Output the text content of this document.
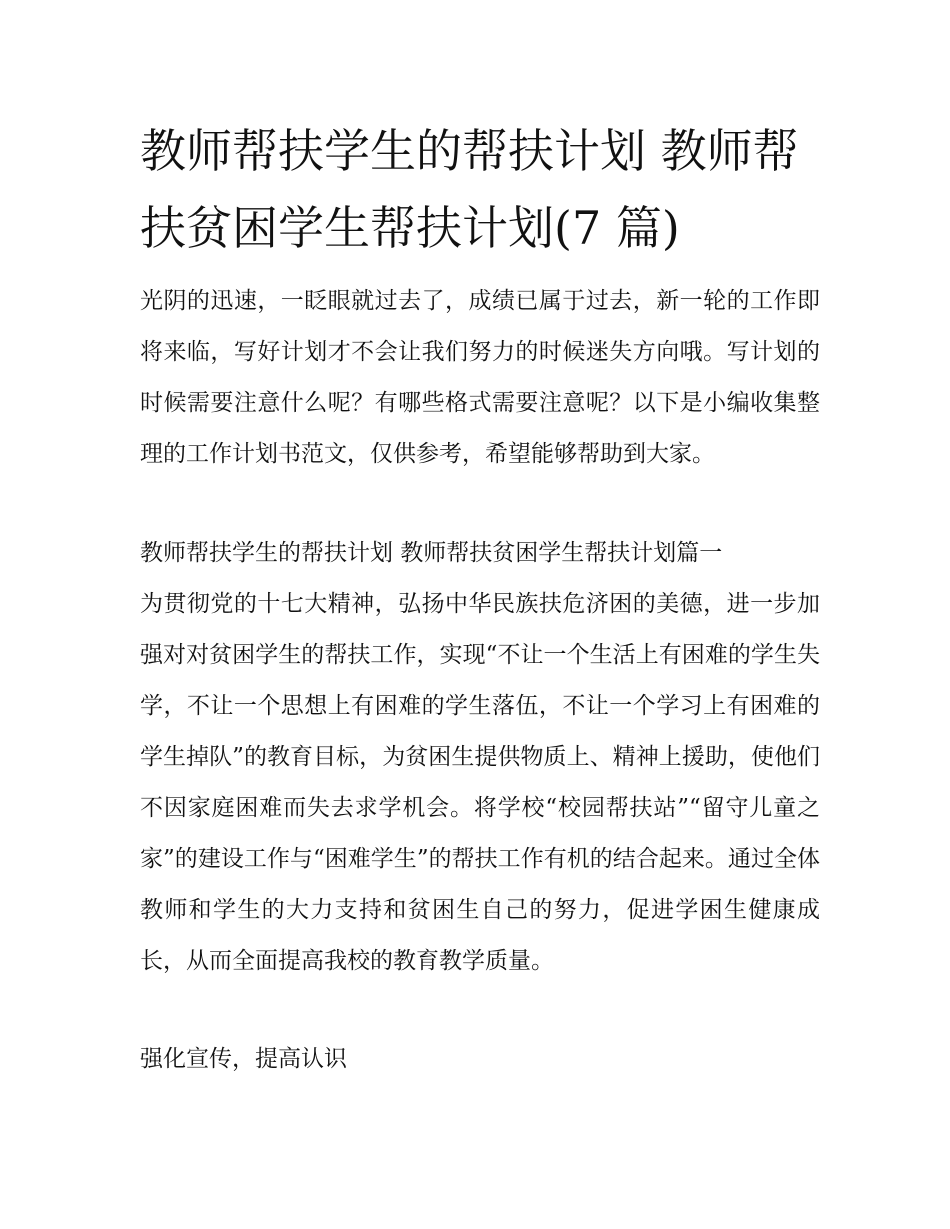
教师帮扶学生的帮扶计划 教师帮扶贫困学生帮扶计划(7 篇)

光阴的迅速，一眨眼就过去了，成绩已属于过去，新一轮的工作即将来临，写好计划才不会让我们努力的时候迷失方向哦。写计划的时候需要注意什么呢？有哪些格式需要注意呢？以下是小编收集整理的工作计划书范文，仅供参考，希望能够帮助到大家。

教师帮扶学生的帮扶计划 教师帮扶贫困学生帮扶计划篇一

为贯彻党的十七大精神，弘扬中华民族扶危济困的美德，进一步加强对对贫困学生的帮扶工作，实现“不让一个生活上有困难的学生失学，不让一个思想上有困难的学生落伍，不让一个学习上有困难的学生掉队”的教育目标，为贫困生提供物质上、精神上援助，使他们不因家庭困难而失去求学机会。将学校“校园帮扶站”“留守儿童之家”的建设工作与“困难学生”的帮扶工作有机的结合起来。通过全体教师和学生的大力支持和贫困生自己的努力，促进学困生健康成长，从而全面提高我校的教育教学质量。

强化宣传，提高认识
